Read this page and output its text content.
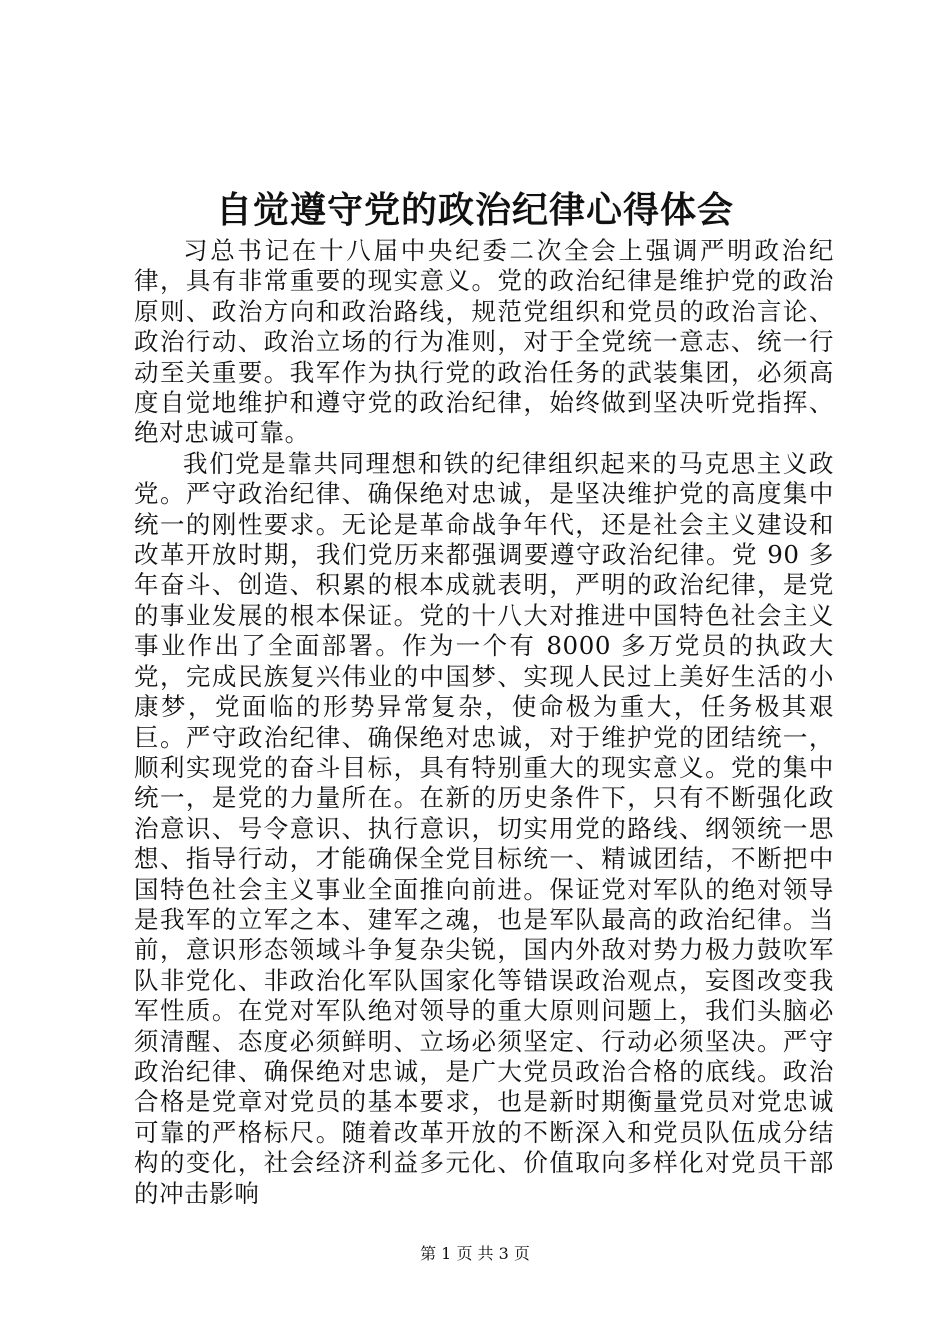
自觉遵守党的政治纪律心得体会

习总书记在十八届中央纪委二次全会上强调严明政治纪律，具有非常重要的现实意义。党的政治纪律是维护党的政治原则、政治方向和政治路线，规范党组织和党员的政治言论、政治行动、政治立场的行为准则，对于全党统一意志、统一行动至关重要。我军作为执行党的政治任务的武装集团，必须高度自觉地维护和遵守党的政治纪律，始终做到坚决听党指挥、绝对忠诚可靠。

我们党是靠共同理想和铁的纪律组织起来的马克思主义政党。严守政治纪律、确保绝对忠诚，是坚决维护党的高度集中统一的刚性要求。无论是革命战争年代，还是社会主义建设和改革开放时期，我们党历来都强调要遵守政治纪律。党 90 多年奋斗、创造、积累的根本成就表明，严明的政治纪律，是党的事业发展的根本保证。党的十八大对推进中国特色社会主义事业作出了全面部署。作为一个有 8000 多万党员的执政大党，完成民族复兴伟业的中国梦、实现人民过上美好生活的小康梦，党面临的形势异常复杂，使命极为重大，任务极其艰巨。严守政治纪律、确保绝对忠诚，对于维护党的团结统一，顺利实现党的奋斗目标，具有特别重大的现实意义。党的集中统一，是党的力量所在。在新的历史条件下，只有不断强化政治意识、号令意识、执行意识，切实用党的路线、纲领统一思想、指导行动，才能确保全党目标统一、精诚团结，不断把中国特色社会主义事业全面推向前进。保证党对军队的绝对领导是我军的立军之本、建军之魂，也是军队最高的政治纪律。当前，意识形态领域斗争复杂尖锐，国内外敌对势力极力鼓吹军队非党化、非政治化军队国家化等错误政治观点，妄图改变我军性质。在党对军队绝对领导的重大原则问题上，我们头脑必须清醒、态度必须鲜明、立场必须坚定、行动必须坚决。严守政治纪律、确保绝对忠诚，是广大党员政治合格的底线。政治合格是党章对党员的基本要求，也是新时期衡量党员对党忠诚可靠的严格标尺。随着改革开放的不断深入和党员队伍成分结构的变化，社会经济利益多元化、价值取向多样化对党员干部的冲击影响

第 1 页 共 3 页
